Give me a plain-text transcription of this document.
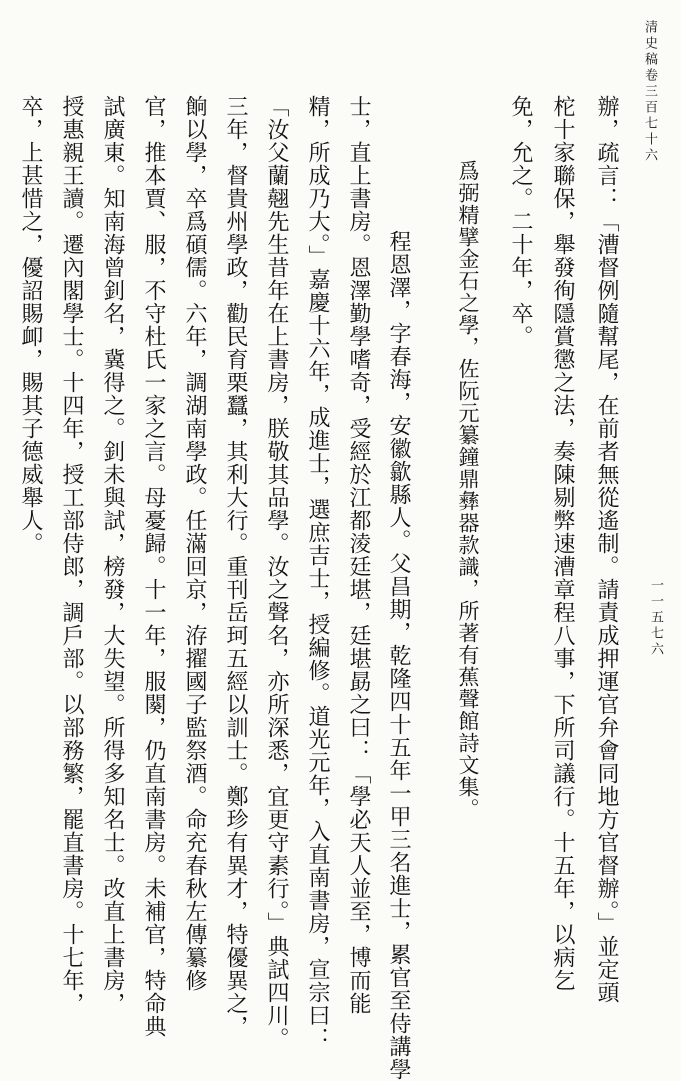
清史稿卷三百七十六
一一五七六
辦，疏言：「漕督例隨幫尾，在前者無從遙制。請責成押運官弁會同地方官督辦。」並定頭
柁十家聯保，舉發徇隱賞懲之法，奏陳剔弊速漕章程八事，下所司議行。十五年，以病乞
免，允之。二十年，卒。
爲弼精擘金石之學，佐阮元纂鐘鼎彝器款識，所著有蕉聲館詩文集。
程恩澤，字春海，安徽歙縣人。父昌期，乾隆四十五年一甲三名進士，累官至侍講學
士，直上書房。恩澤勤學嗜奇，受經於江都淩廷堪，廷堪勗之曰：「學必天人並至，博而能
精，所成乃大。」嘉慶十六年，成進士，選庶吉士，授編修。道光元年，入直南書房，宣宗曰：
「汝父蘭翹先生昔年在上書房，朕敬其品學。汝之聲名，亦所深悉，宜更守素行。」典試四川。
三年，督貴州學政，勸民育栗蠶，其利大行。重刊岳珂五經以訓士。鄭珍有異才，特優異之，
餉以學，卒爲碩儒。六年，調湖南學政。任滿回京，洊擢國子監祭酒。命充春秋左傳纂修
官，推本賈、服，不守杜氏一家之言。母憂歸。十一年，服闋，仍直南書房。未補官，特命典
試廣東。知南海曾釗名，冀得之。釗未與試，榜發，大失望。所得多知名士。改直上書房，
授惠親王讀。遷內閣學士。十四年，授工部侍郎，調戶部。以部務繁，罷直書房。十七年，
卒，上甚惜之，優詔賜卹，賜其子德威舉人。
